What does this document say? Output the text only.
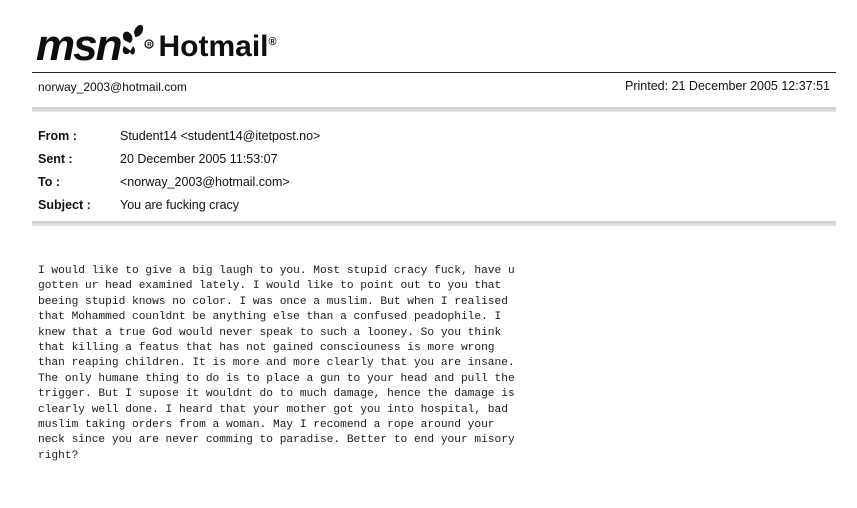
msn	R Hotmail®
norway_2003@hotmail.com	Printed: 21 December 2005 12:37:51
From :	Student14 <student14@itetpost.no>
Sent :	20 December 2005 11:53:07
To :	<norway_2003@hotmail.com>
Subject :	You are fucking cracy
I would like to give a big laugh to you. Most stupid cracy fuck, have u
gotten ur head examined lately. I would like to point out to you that
beeing stupid knows no color. I was once a muslim. But when I realised
that Mohammed counldnt be anything else than a confused peadophile. I
knew that a true God would never speak to such a looney. So you think
that killing a featus that has not gained consciouness is more wrong
than reaping children. It is more and more clearly that you are insane.
The only humane thing to do is to place a gun to your head and pull the
trigger. But I supose it wouldnt do to much damage, hence the damage is
clearly well done. I heard that your mother got you into hospital, bad
muslim taking orders from a woman. May I recomend a rope around your
neck since you are never comming to paradise. Better to end your misory
right?
